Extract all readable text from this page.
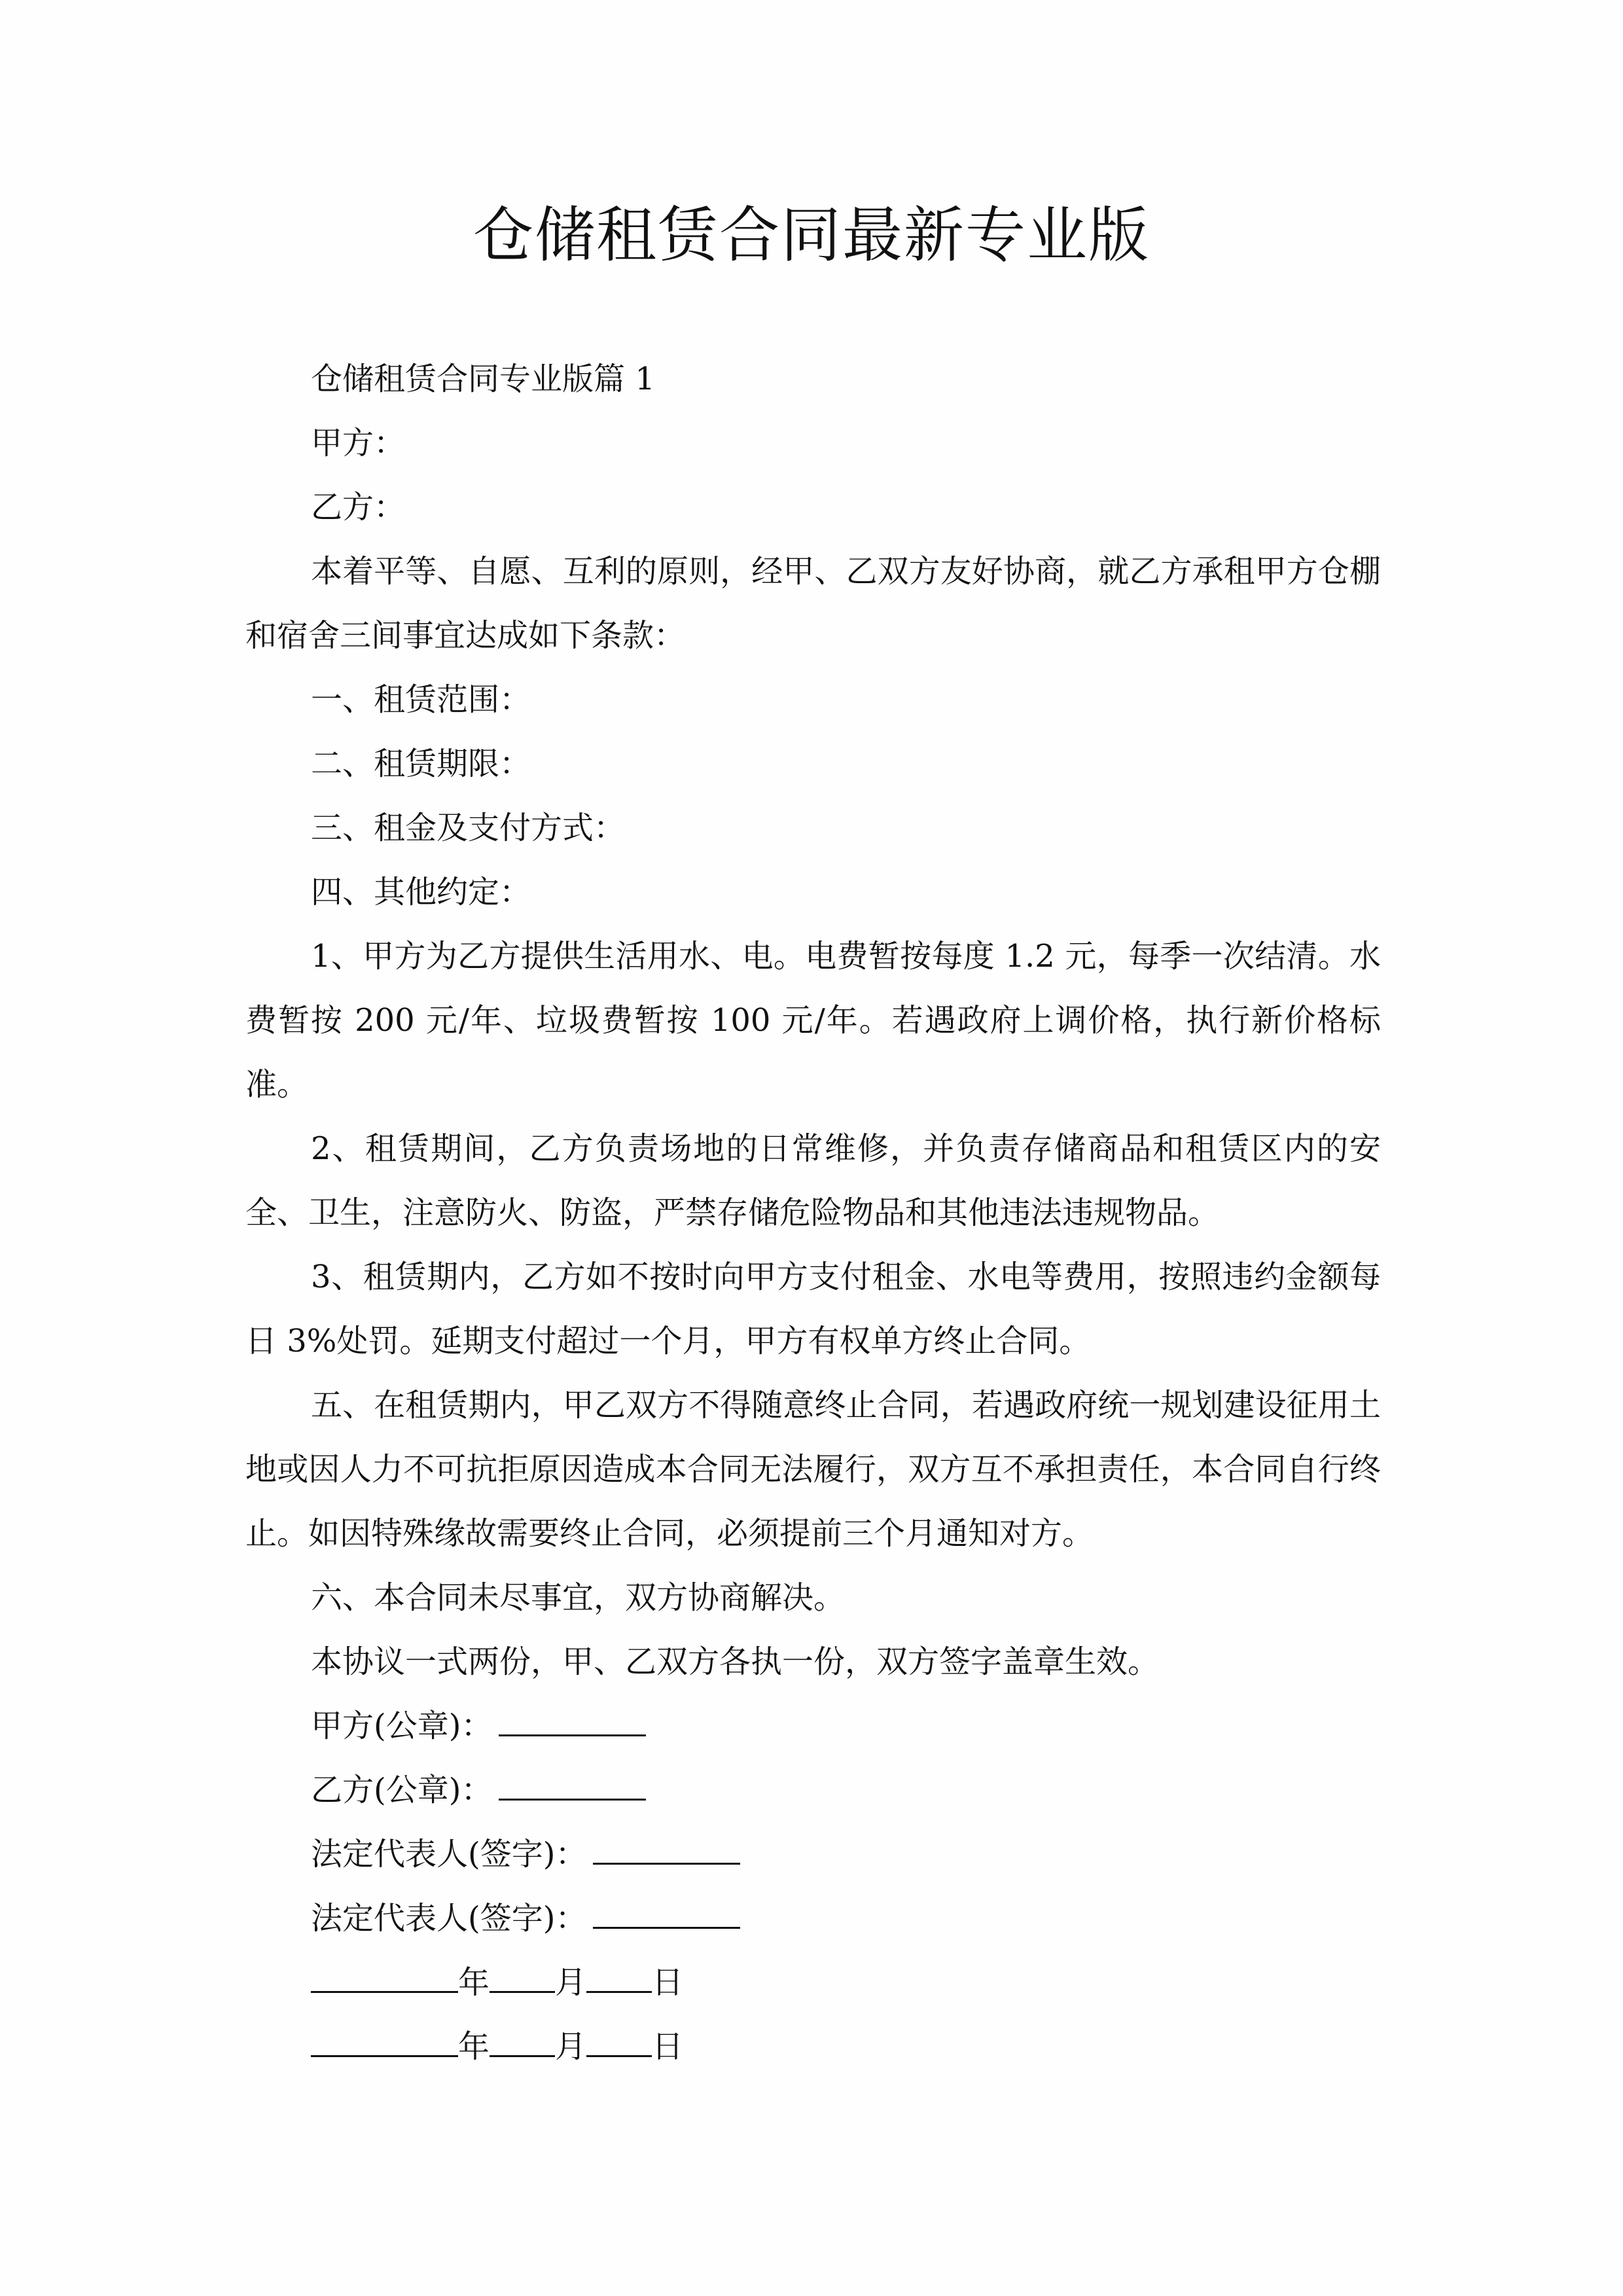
仓储租赁合同最新专业版

仓储租赁合同专业版篇 1

甲方：

乙方：

本着平等、自愿、互利的原则，经甲、乙双方友好协商，就乙方承租甲方仓棚和宿舍三间事宜达成如下条款：

一、租赁范围：

二、租赁期限：

三、租金及支付方式：

四、其他约定：

1、甲方为乙方提供生活用水、电。电费暂按每度 1.2 元，每季一次结清。水费暂按 200 元/年、垃圾费暂按 100 元/年。若遇政府上调价格，执行新价格标准。

2、租赁期间，乙方负责场地的日常维修，并负责存储商品和租赁区内的安全、卫生，注意防火、防盗，严禁存储危险物品和其他违法违规物品。

3、租赁期内，乙方如不按时向甲方支付租金、水电等费用，按照违约金额每日 3%处罚。延期支付超过一个月，甲方有权单方终止合同。

五、在租赁期内，甲乙双方不得随意终止合同，若遇政府统一规划建设征用土地或因人力不可抗拒原因造成本合同无法履行，双方互不承担责任，本合同自行终止。如因特殊缘故需要终止合同，必须提前三个月通知对方。

六、本合同未尽事宜，双方协商解决。

本协议一式两份，甲、乙双方各执一份，双方签字盖章生效。

甲方(公章)：

乙方(公章)：

法定代表人(签字)：

法定代表人(签字)：

年 月 日

年 月 日
